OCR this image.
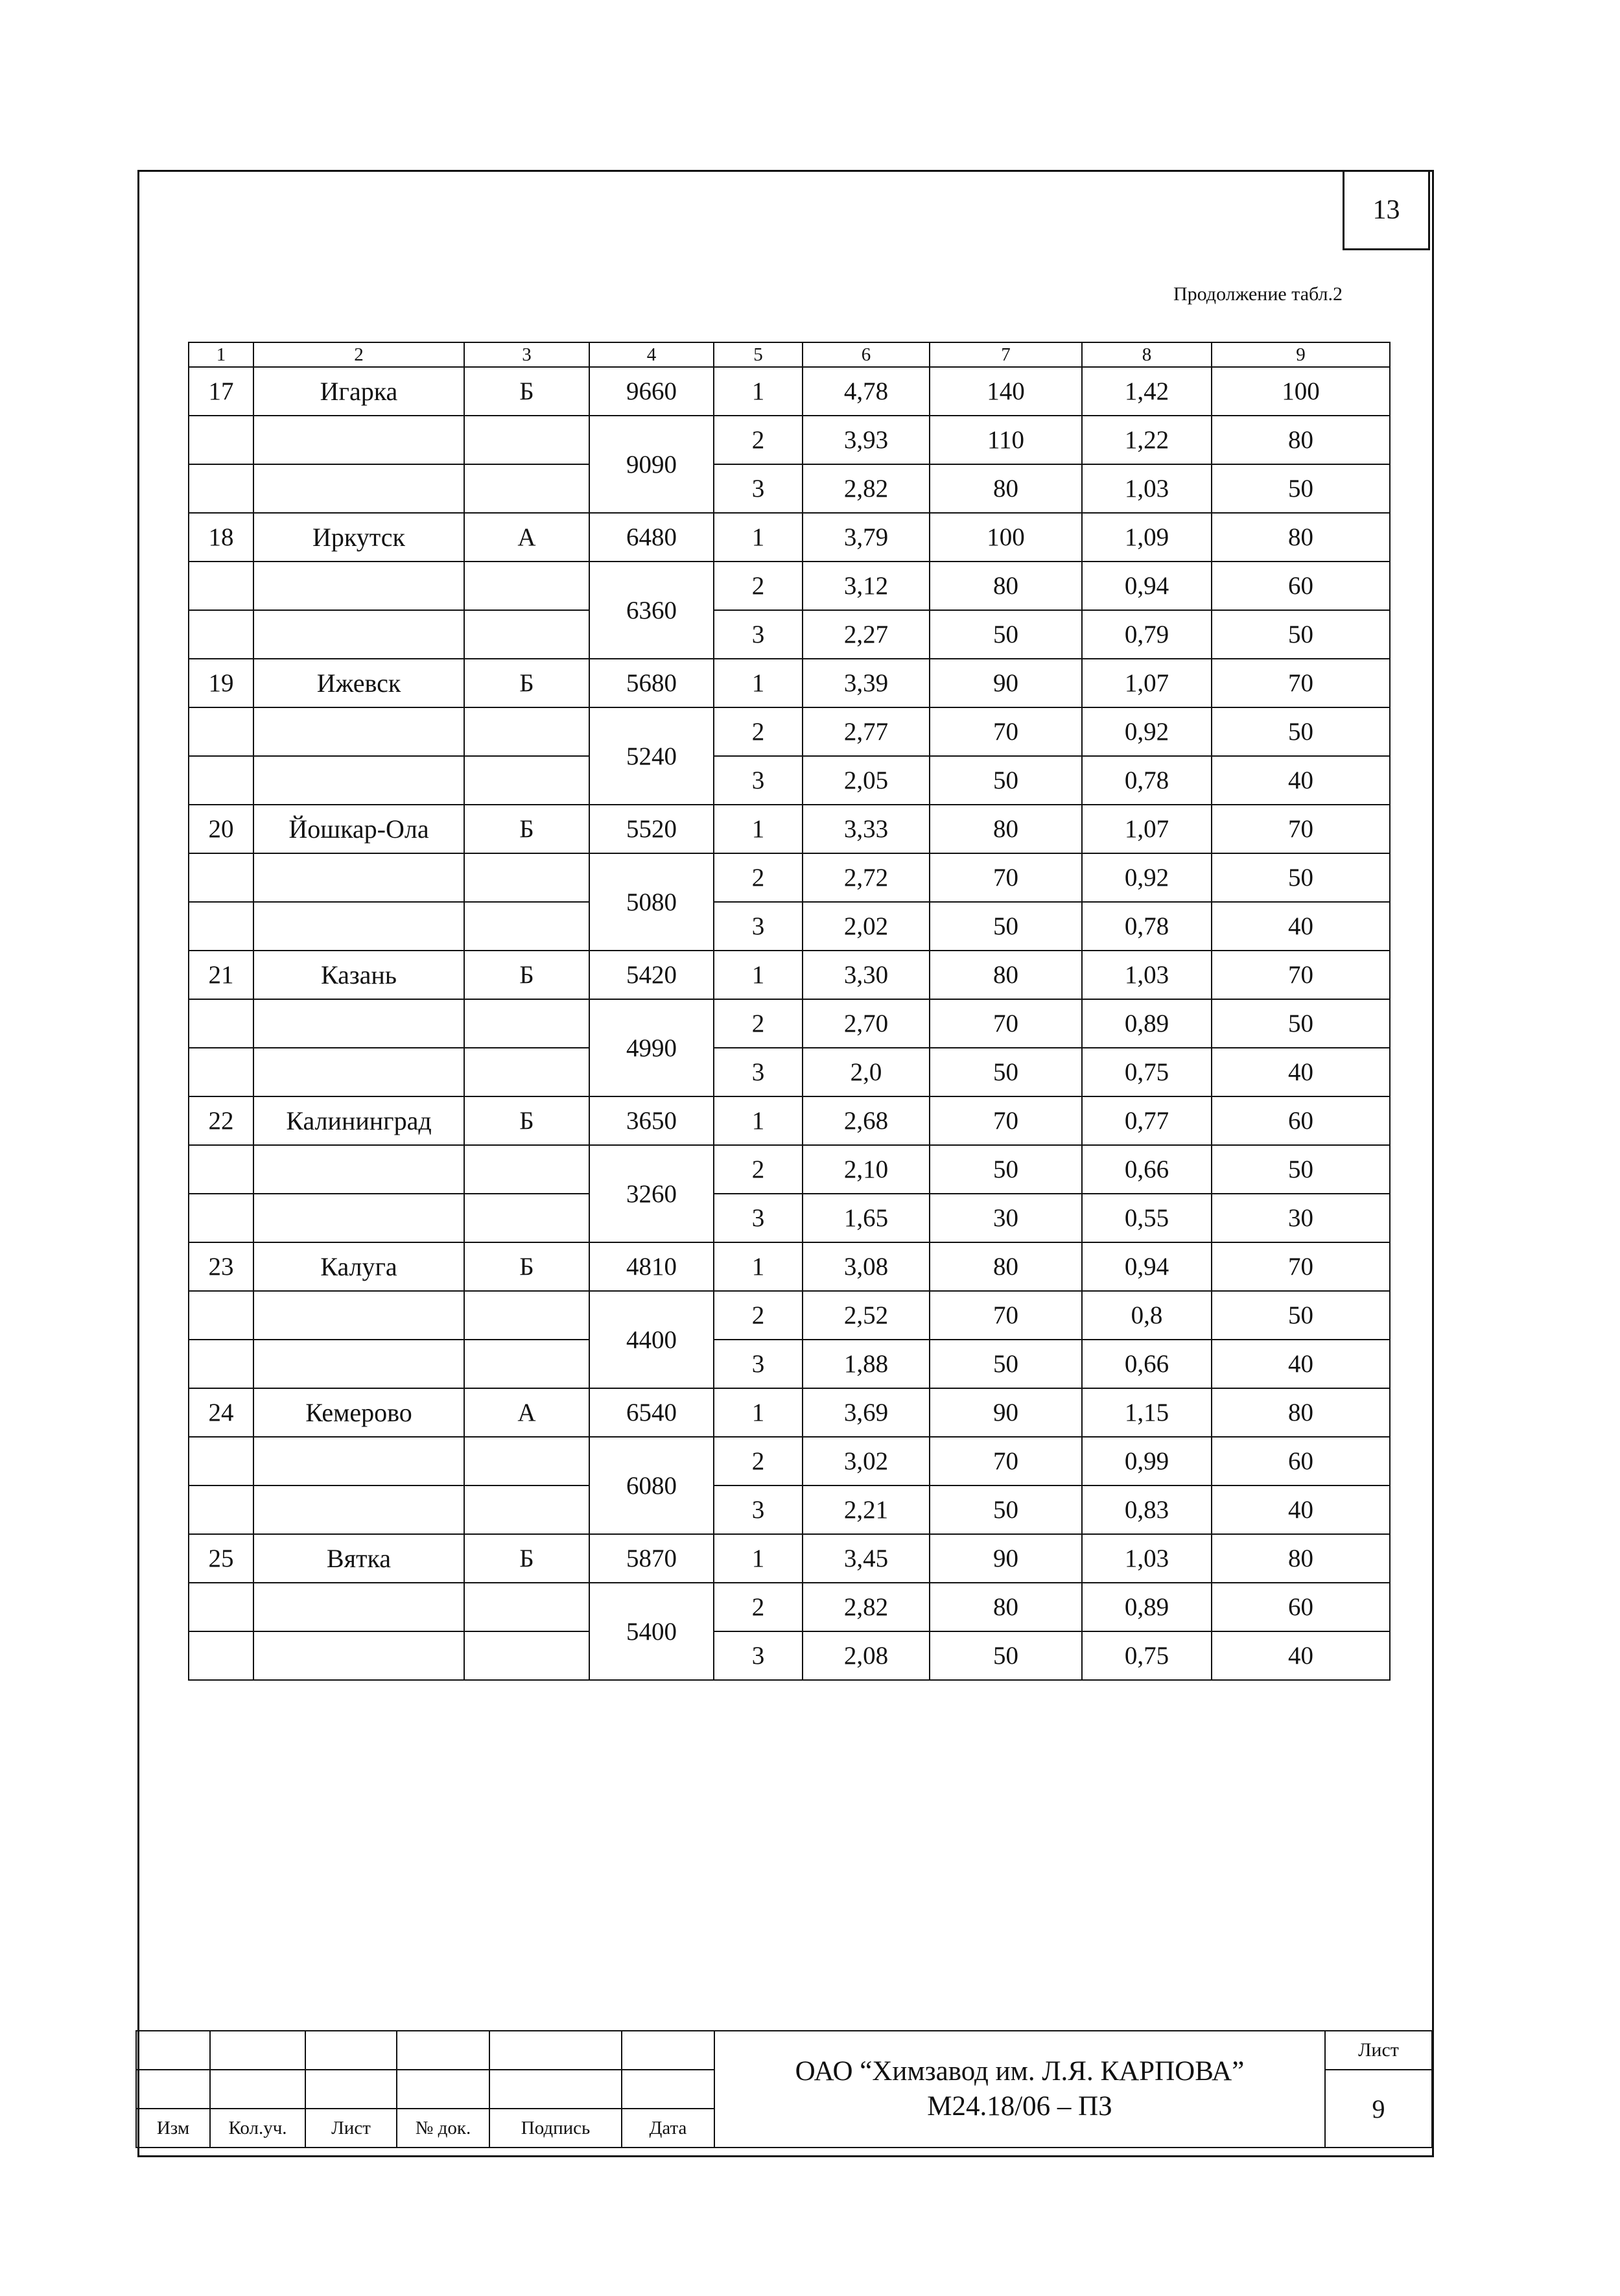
13
Продолжение табл.2
1	2	3	4	5	6	7	8	9
17	Игарка	Б	9660	1	4,78	140	1,42	100
			9090	2	3,93	110	1,22	80
				3	2,82	80	1,03	50
18	Иркутск	А	6480	1	3,79	100	1,09	80
			6360	2	3,12	80	0,94	60
				3	2,27	50	0,79	50
19	Ижевск	Б	5680	1	3,39	90	1,07	70
			5240	2	2,77	70	0,92	50
				3	2,05	50	0,78	40
20	Йошкар-Ола	Б	5520	1	3,33	80	1,07	70
			5080	2	2,72	70	0,92	50
				3	2,02	50	0,78	40
21	Казань	Б	5420	1	3,30	80	1,03	70
			4990	2	2,70	70	0,89	50
				3	2,0	50	0,75	40
22	Калининград	Б	3650	1	2,68	70	0,77	60
			3260	2	2,10	50	0,66	50
				3	1,65	30	0,55	30
23	Калуга	Б	4810	1	3,08	80	0,94	70
			4400	2	2,52	70	0,8	50
				3	1,88	50	0,66	40
24	Кемерово	А	6540	1	3,69	90	1,15	80
			6080	2	3,02	70	0,99	60
				3	2,21	50	0,83	40
25	Вятка	Б	5870	1	3,45	90	1,03	80
			5400	2	2,82	80	0,89	60
				3	2,08	50	0,75	40

						ОАО “Химзавод им. Л.Я. КАРПОВА”
М24.18/06 – ПЗ	Лист
							9
Изм	Кол.уч.	Лист	№ док.	Подпись	Дата		
